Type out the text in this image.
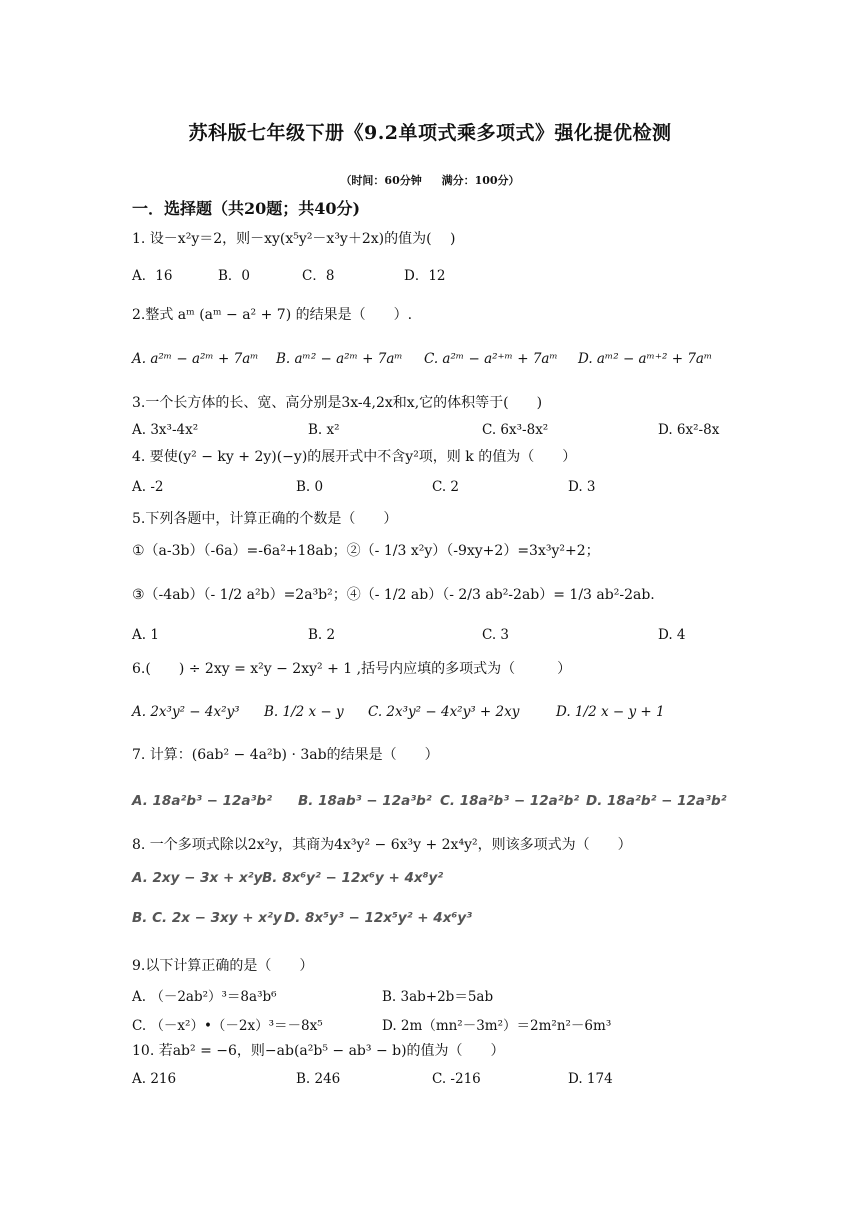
苏科版七年级下册《9.2单项式乘多项式》强化提优检测
（时间：60分钟 满分：100分）
一．选择题（共20题；共40分)
1. 设－x²y＝2，则－xy(x⁵y²－x³y＋2x)的值为(　 )
A．16	B．0	C．8	D．12
2.整式 aᵐ (aᵐ − a² + 7) 的结果是（　　）.
A. a²ᵐ − a²ᵐ + 7aᵐ B. aᵐ² − a²ᵐ + 7aᵐ C. a²ᵐ − a²⁺ᵐ + 7aᵐ D. aᵐ² − aᵐ⁺² + 7aᵐ
3.一个长方体的长、宽、高分别是3x-4,2x和x,它的体积等于(　　)
A. 3x³-4x²	B. x²	C. 6x³-8x²	D. 6x²-8x
4. 要使(y² − ky + 2y)(−y)的展开式中不含y²项，则 k 的值为（　　）
A. -2	B. 0	C. 2	D. 3
5.下列各题中，计算正确的个数是（　　）
①（a-3b）（-6a）=-6a²+18ab；②（- 1/3 x²y）（-9xy+2）=3x³y²+2；
③（-4ab）（- 1/2 a²b）=2a³b²；④（- 1/2 ab）（- 2/3 ab²-2ab）= 1/3 ab²-2ab.
A. 1	B. 2	C. 3	D. 4
6.(　　) ÷ 2xy = x²y − 2xy² + 1 ,括号内应填的多项式为（　　　）
A. 2x³y² − 4x²y³ B. 1/2 x − y C. 2x³y² − 4x²y³ + 2xy	D. 1/2 x − y + 1
7. 计算：(6ab² − 4a²b) · 3ab的结果是（　　）
A. 18a²b³ − 12a³b² B. 18ab³ − 12a³b² C. 18a²b³ − 12a²b² D. 18a²b² − 12a³b²
8. 一个多项式除以2x²y，其商为4x³y² − 6x³y + 2x⁴y²，则该多项式为（　　）
A. 2xy − 3x + x²y B. 8x⁶y² − 12x⁶y + 4x⁸y²
B. C. 2x − 3xy + x²y D. 8x⁵y³ − 12x⁵y² + 4x⁶y³
9.以下计算正确的是（　　）
A. （－2ab²）³＝8a³b⁶	B. 3ab+2b＝5ab
C. （－x²）•（－2x）³＝－8x⁵	D. 2m（mn²－3m²）＝2m²n²－6m³
10. 若ab² = −6，则−ab(a²b⁵ − ab³ − b)的值为（　　）
A. 216	B. 246	C. -216	D. 174
